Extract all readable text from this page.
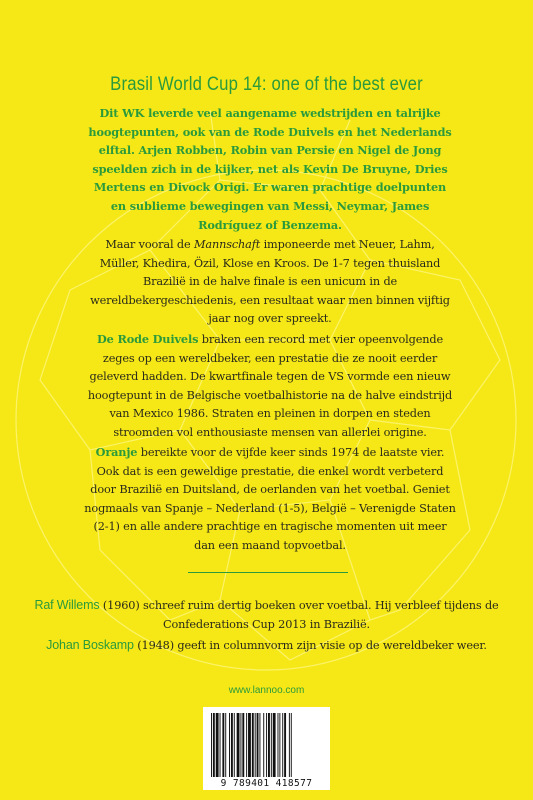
Brasil World Cup 14: one of the best ever
Dit WK leverde veel aangename wedstrijden en talrijke hoogtepunten, ook van de Rode Duivels en het Nederlands elftal. Arjen Robben, Robin van Persie en Nigel de Jong speelden zich in de kijker, net als Kevin De Bruyne, Dries Mertens en Divock Origi. Er waren prachtige doelpunten en sublieme bewegingen van Messi, Neymar, James Rodríguez of Benzema.
Maar vooral de Mannschaft imponeerde met Neuer, Lahm, Müller, Khedira, Özil, Klose en Kroos. De 1-7 tegen thuisland Brazilië in de halve finale is een unicum in de wereldbekergeschiedenis, een resultaat waar men binnen vijftig jaar nog over spreekt.
De Rode Duivels braken een record met vier opeenvolgende zeges op een wereldbeker, een prestatie die ze nooit eerder geleverd hadden. De kwartfinale tegen de VS vormde een nieuw hoogtepunt in de Belgische voetbalhistorie na de halve eindstrijd van Mexico 1986. Straten en pleinen in dorpen en steden stroomden vol enthousiaste mensen van allerlei origine.
Oranje bereikte voor de vijfde keer sinds 1974 de laatste vier. Ook dat is een geweldige prestatie, die enkel wordt verbeterd door Brazilië en Duitsland, de oerlanden van het voetbal. Geniet nogmaals van Spanje – Nederland (1-5), België – Verenigde Staten (2-1) en alle andere prachtige en tragische momenten uit meer dan een maand topvoetbal.
Raf Willems (1960) schreef ruim dertig boeken over voetbal. Hij verbleef tijdens de Confederations Cup 2013 in Brazilië.
Johan Boskamp (1948) geeft in columnvorm zijn visie op de wereldbeker weer.
www.lannoo.com
9 789401 418577
